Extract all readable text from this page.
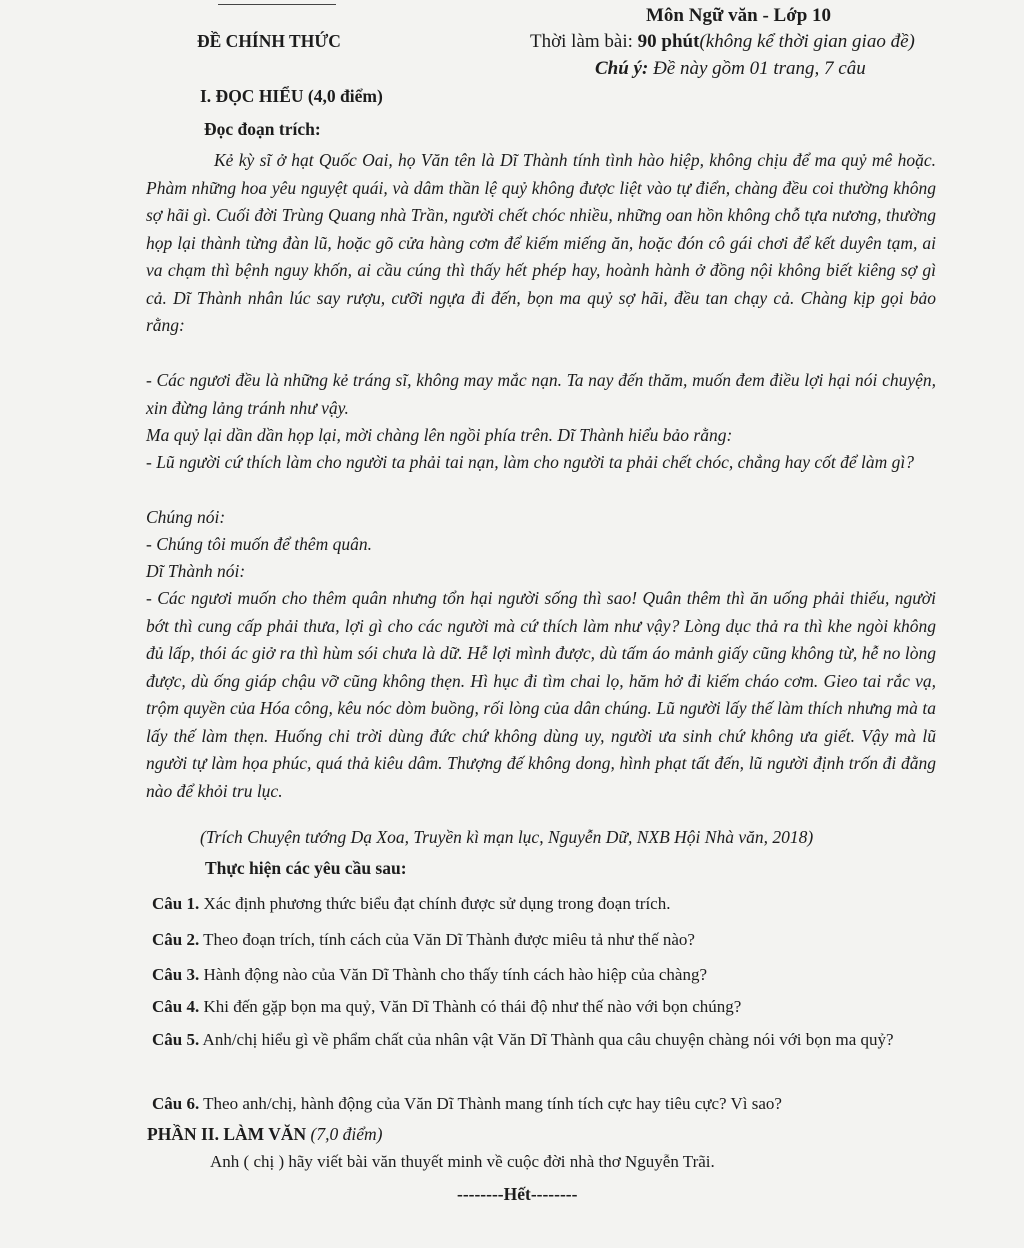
Môn Ngữ văn - Lớp 10
ĐỀ CHÍNH THỨC	Thời làm bài: 90 phút(không kể thời gian giao đề)
Chú ý: Đề này gồm 01 trang, 7 câu
I. ĐỌC HIỂU (4,0 điểm)
Đọc đoạn trích:
Kẻ kỳ sĩ ở hạt Quốc Oai, họ Văn tên là Dĩ Thành tính tình hào hiệp, không chịu để ma quỷ mê hoặc. Phàm những hoa yêu nguyệt quái, và dâm thần lệ quỷ không được liệt vào tự điển, chàng đều coi thường không sợ hãi gì. Cuối đời Trùng Quang nhà Trần, người chết chóc nhiều, những oan hồn không chỗ tựa nương, thường họp lại thành từng đàn lũ, hoặc gõ cửa hàng cơm để kiếm miếng ăn, hoặc đón cô gái chơi để kết duyên tạm, ai va chạm thì bệnh nguy khốn, ai cầu cúng thì thấy hết phép hay, hoành hành ở đồng nội không biết kiêng sợ gì cả. Dĩ Thành nhân lúc say rượu, cưỡi ngựa đi đến, bọn ma quỷ sợ hãi, đều tan chạy cả. Chàng kịp gọi bảo rằng:
- Các ngươi đều là những kẻ tráng sĩ, không may mắc nạn. Ta nay đến thăm, muốn đem điều lợi hại nói chuyện, xin đừng lảng tránh như vậy.
Ma quỷ lại dần dần họp lại, mời chàng lên ngồi phía trên. Dĩ Thành hiểu bảo rằng:
- Lũ người cứ thích làm cho người ta phải tai nạn, làm cho người ta phải chết chóc, chẳng hay cốt để làm gì?
Chúng nói:
- Chúng tôi muốn để thêm quân.
Dĩ Thành nói:
- Các ngươi muốn cho thêm quân nhưng tổn hại người sống thì sao! Quân thêm thì ăn uống phải thiếu, người bớt thì cung cấp phải thưa, lợi gì cho các người mà cứ thích làm như vậy? Lòng dục thả ra thì khe ngòi không đủ lấp, thói ác giở ra thì hùm sói chưa là dữ. Hễ lợi mình được, dù tấm áo mảnh giấy cũng không từ, hễ no lòng được, dù ống giáp chậu vỡ cũng không thẹn. Hì hục đi tìm chai lọ, hăm hở đi kiếm cháo cơm. Gieo tai rắc vạ, trộm quyền của Hóa công, kêu nóc dòm buồng, rối lòng của dân chúng. Lũ người lấy thế làm thích nhưng mà ta lấy thế làm thẹn. Huống chi trời dùng đức chứ không dùng uy, người ưa sinh chứ không ưa giết. Vậy mà lũ người tự làm họa phúc, quá thả kiêu dâm. Thượng đế không dong, hình phạt tất đến, lũ người định trốn đi đằng nào để khỏi tru lục.
(Trích Chuyện tướng Dạ Xoa, Truyền kì mạn lục, Nguyễn Dữ, NXB Hội Nhà văn, 2018)
Thực hiện các yêu cầu sau:
Câu 1. Xác định phương thức biểu đạt chính được sử dụng trong đoạn trích.
Câu 2. Theo đoạn trích, tính cách của Văn Dĩ Thành được miêu tả như thế nào?
Câu 3. Hành động nào của Văn Dĩ Thành cho thấy tính cách hào hiệp của chàng?
Câu 4. Khi đến gặp bọn ma quỷ, Văn Dĩ Thành có thái độ như thế nào với bọn chúng?
Câu 5. Anh/chị hiểu gì về phẩm chất của nhân vật Văn Dĩ Thành qua câu chuyện chàng nói với bọn ma quỷ?
Câu 6. Theo anh/chị, hành động của Văn Dĩ Thành mang tính tích cực hay tiêu cực? Vì sao?
PHẦN II. LÀM VĂN (7,0 điểm)
Anh ( chị ) hãy viết bài văn thuyết minh về cuộc đời nhà thơ Nguyễn Trãi.
--------Hết--------
